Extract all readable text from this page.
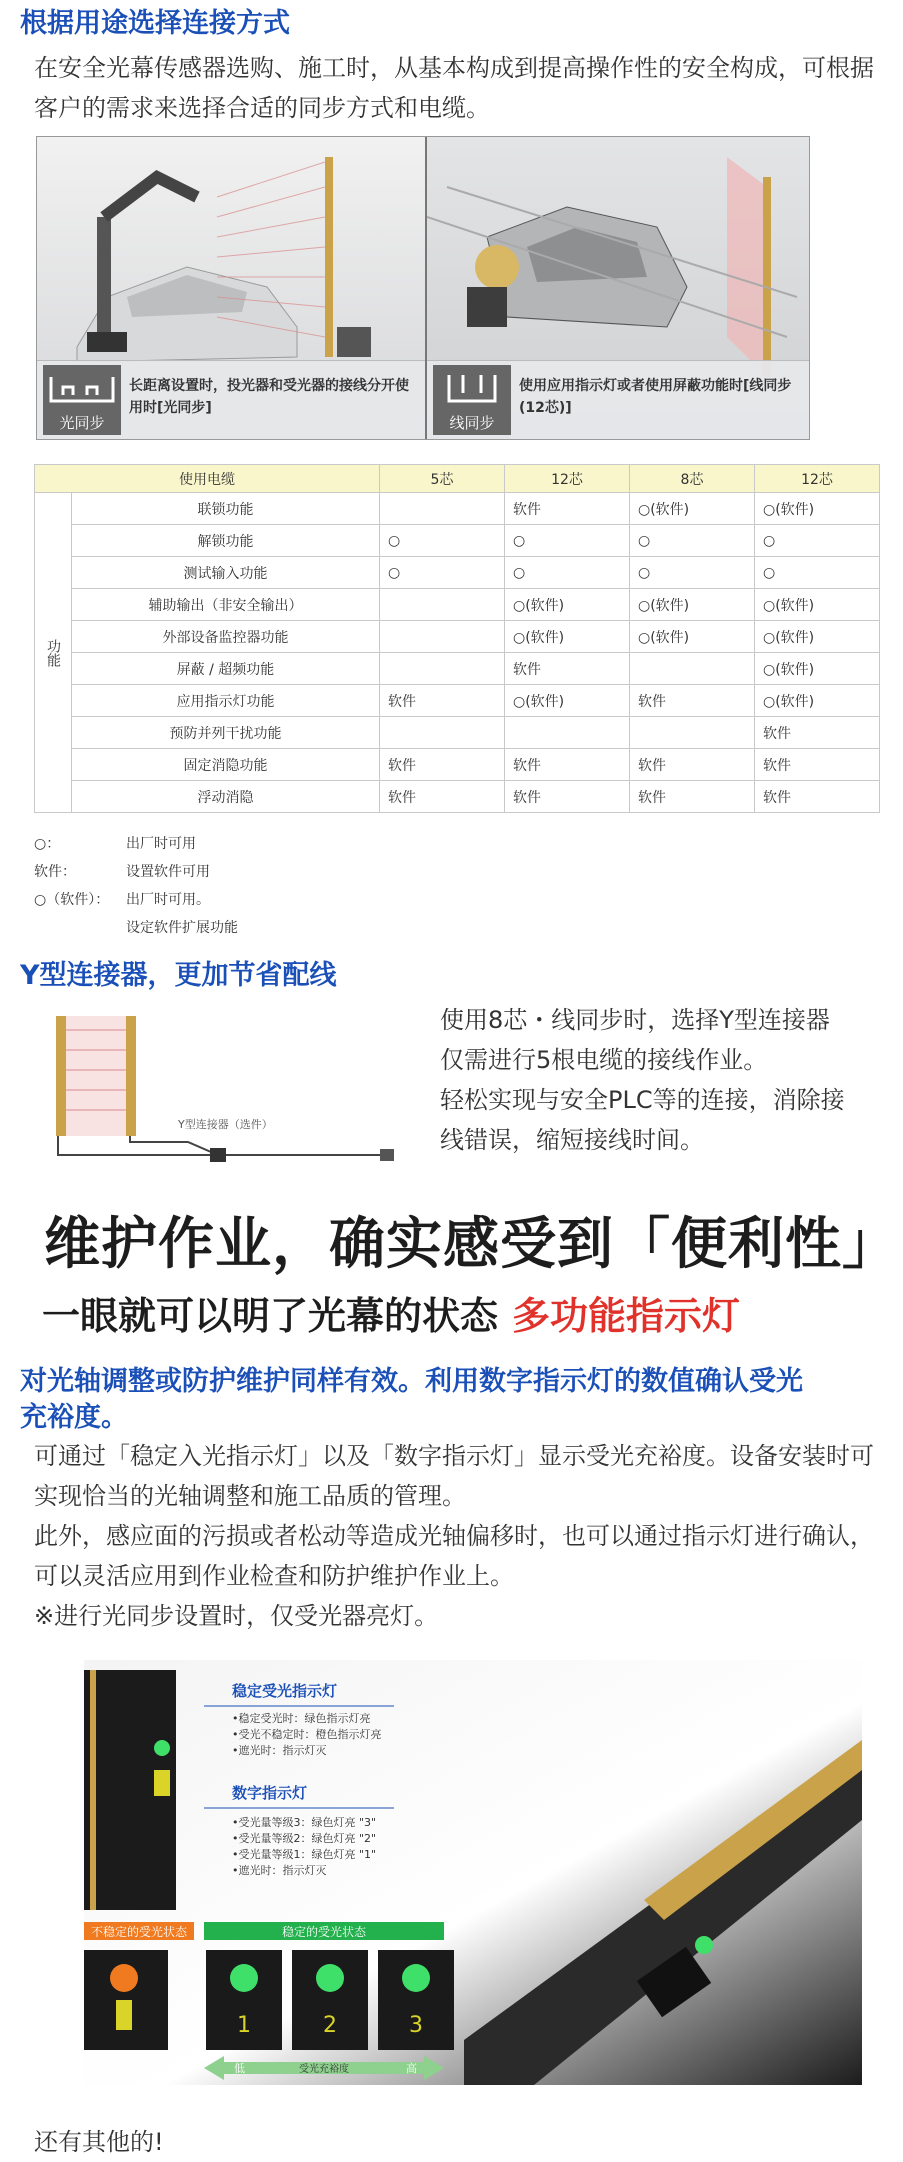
根据用途选择连接方式

在安全光幕传感器选购、施工时，从基本构成到提高操作性的安全构成，可根据客户的需求来选择合适的同步方式和电缆。

光同步
长距离设置时，投光器和受光器的接线分开使用时[光同步]
线同步
使用应用指示灯或者使用屏蔽功能时[线同步(12芯)]
使用电缆		5芯	12芯	8芯	12芯
功能	联锁功能		软件	○(软件)	○(软件)
	解锁功能	○	○	○	○
	测试输入功能	○	○	○	○
	辅助输出（非安全输出）		○(软件)	○(软件)	○(软件)
	外部设备监控器功能		○(软件)	○(软件)	○(软件)
	屏蔽 / 超频功能		软件		○(软件)
	应用指示灯功能	软件	○(软件)	软件	○(软件)
	预防并列干扰功能				软件
	固定消隐功能	软件	软件	软件	软件
	浮动消隐	软件	软件	软件	软件
○：	出厂时可用
软件：	设置软件可用
○（软件）：	出厂时可用。
设定软件扩展功能
Y型连接器，更加节省配线
Y型连接器（选件）
使用8芯・线同步时，选择Y型连接器
仅需进行5根电缆的接线作业。
轻松实现与安全PLC等的连接，消除接
线错误，缩短接线时间。
维护作业，确实感受到「便利性」
一眼就可以明了光幕的状态 多功能指示灯
对光轴调整或防护维护同样有效。利用数字指示灯的数值确认受光
充裕度。

可通过「稳定入光指示灯」以及「数字指示灯」显示受光充裕度。设备安装时可实现恰当的光轴调整和施工品质的管理。

此外，感应面的污损或者松动等造成光轴偏移时，也可以通过指示灯进行确认，可以灵活应用到作业检查和防护维护作业上。

※进行光同步设置时，仅受光器亮灯。

稳定受光指示灯
•稳定受光时：绿色指示灯亮
•受光不稳定时：橙色指示灯亮
•遮光时：指示灯灭
数字指示灯
•受光量等级3：绿色灯亮 "3"
•受光量等级2：绿色灯亮 "2"
•受光量等级1：绿色灯亮 "1"
•遮光时：指示灯灭
不稳定的受光状态	稳定的受光状态
1	2	3
低	受光充裕度	高
还有其他的!
